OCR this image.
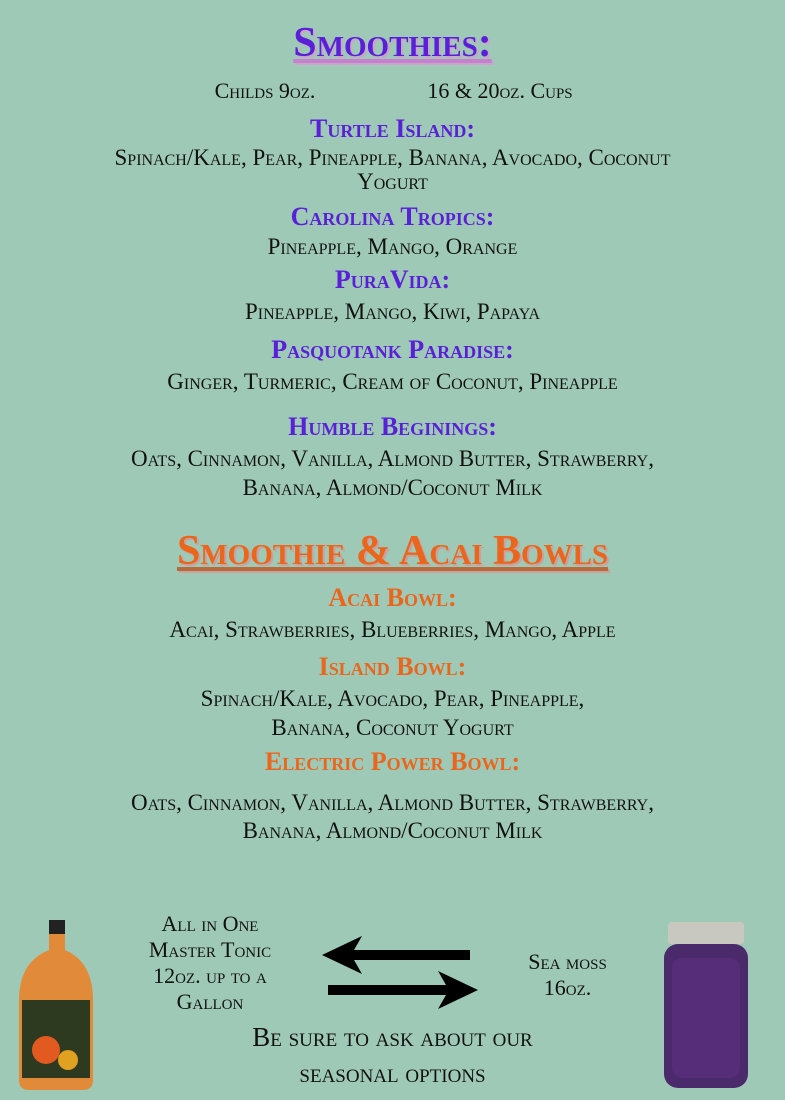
Smoothies:
Childs 9oz.	16 & 20oz. Cups
Turtle Island:
Spinach/Kale, Pear, Pineapple, Banana, Avocado, Coconut
Yogurt
Carolina Tropics:
Pineapple, Mango, Orange
PuraVida:
Pineapple, Mango, Kiwi, Papaya
Pasquotank Paradise:
Ginger, Turmeric, Cream of Coconut, Pineapple
Humble Beginings:
Oats, Cinnamon, Vanilla, Almond Butter, Strawberry,
Banana, Almond/Coconut Milk
Smoothie & Acai Bowls
Acai Bowl:
Acai, Strawberries, Blueberries, Mango, Apple
Island Bowl:
Spinach/Kale, Avocado, Pear, Pineapple,
Banana, Coconut Yogurt
Electric Power Bowl:
Oats, Cinnamon, Vanilla, Almond Butter, Strawberry,
Banana, Almond/Coconut Milk
All in One
Master Tonic
12oz. up to a
Gallon
Sea moss
16oz.
Be sure to ask about our
seasonal options
